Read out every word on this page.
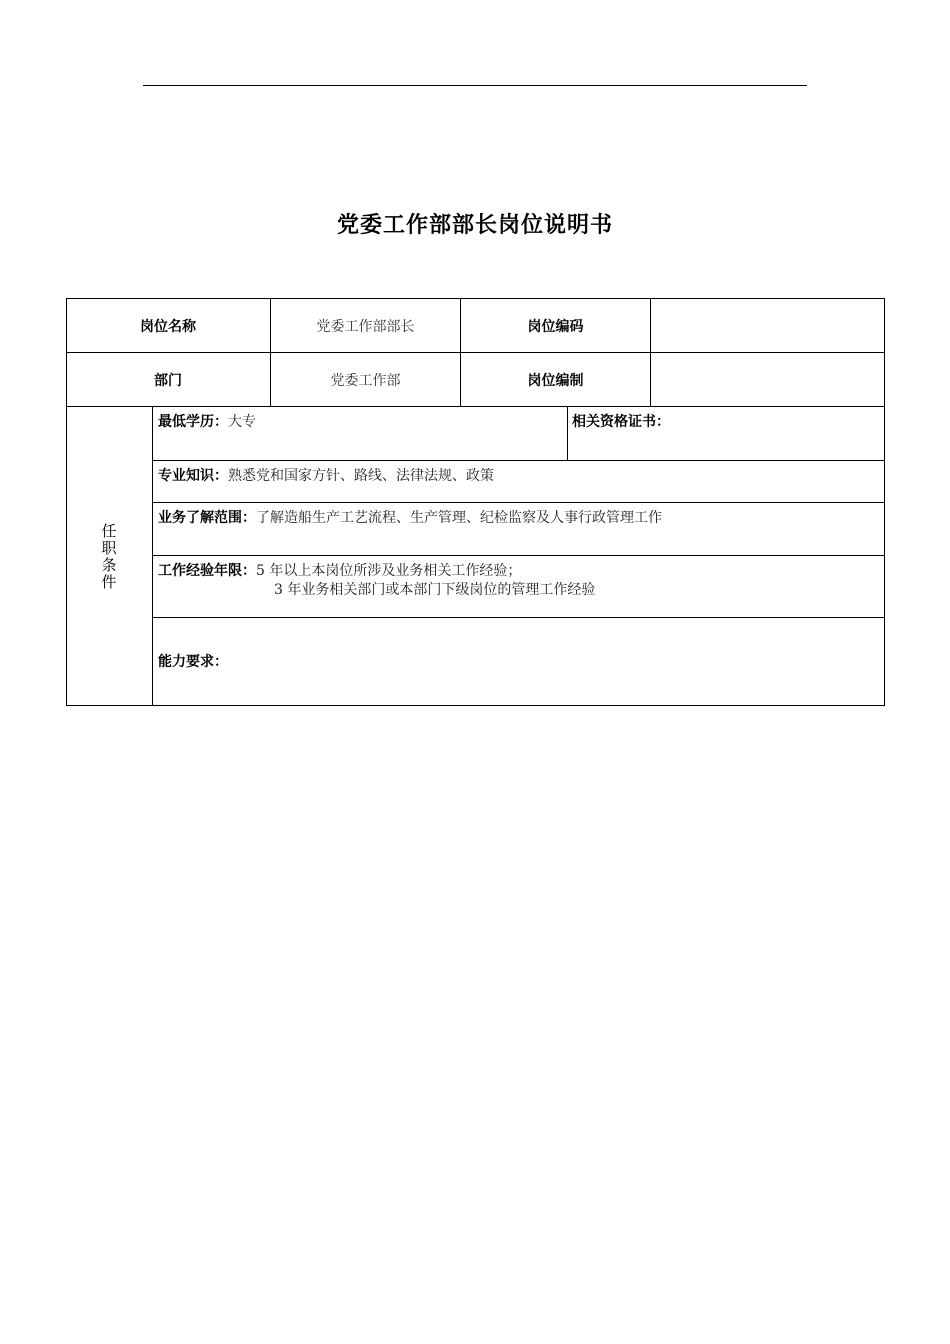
党委工作部部长岗位说明书
岗位名称	党委工作部部长	岗位编码
部门	党委工作部	岗位编制
任职条件
最低学历：大专	相关资格证书：
专业知识：熟悉党和国家方针、路线、法律法规、政策
业务了解范围：了解造船生产工艺流程、生产管理、纪检监察及人事行政管理工作
工作经验年限：5 年以上本岗位所涉及业务相关工作经验；
3 年业务相关部门或本部门下级岗位的管理工作经验
能力要求：
